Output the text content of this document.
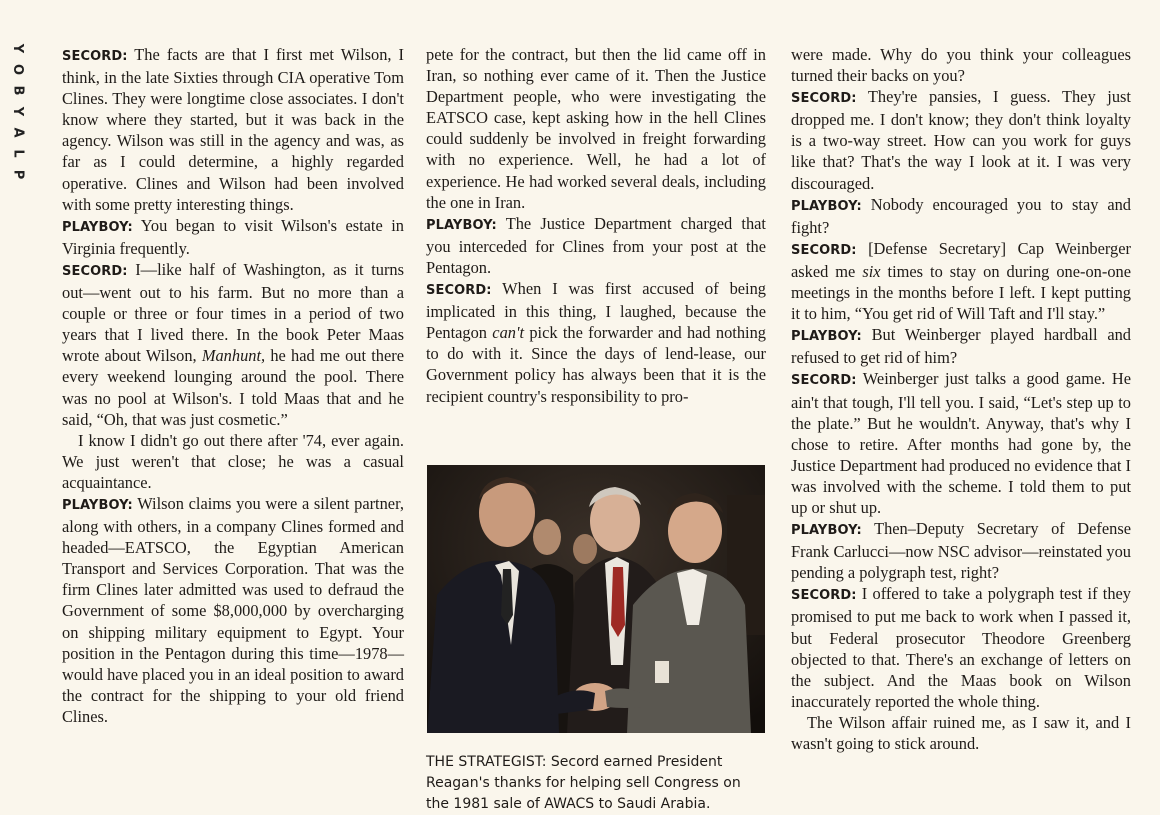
Y
O
B
Y
A
L
P

SECORD: The facts are that I first met Wilson, I think, in the late Sixties through CIA operative Tom Clines. They were longtime close associates. I don't know where they started, but it was back in the agency. Wilson was still in the agency and was, as far as I could determine, a highly regarded operative. Clines and Wilson had been involved with some pretty interesting things.

PLAYBOY: You began to visit Wilson's estate in Virginia frequently.

SECORD: I—like half of Washington, as it turns out—went out to his farm. But no more than a couple or three or four times in a period of two years that I lived there. In the book Peter Maas wrote about Wilson, Manhunt, he had me out there every weekend lounging around the pool. There was no pool at Wilson's. I told Maas that and he said, “Oh, that was just cosmetic.”

I know I didn't go out there after '74, ever again. We just weren't that close; he was a casual acquaintance.

PLAYBOY: Wilson claims you were a silent partner, along with others, in a company Clines formed and headed—EATSCO, the Egyptian American Transport and Services Corporation. That was the firm Clines later admitted was used to defraud the Government of some $8,000,000 by overcharging on shipping military equipment to Egypt. Your position in the Pentagon during this time—1978—would have placed you in an ideal position to award the contract for the shipping to your old friend Clines.

pete for the contract, but then the lid came off in Iran, so nothing ever came of it. Then the Justice Department people, who were investigating the EATSCO case, kept asking how in the hell Clines could suddenly be involved in freight forwarding with no experience. Well, he had a lot of experience. He had worked several deals, including the one in Iran.

PLAYBOY: The Justice Department charged that you interceded for Clines from your post at the Pentagon.

SECORD: When I was first accused of being implicated in this thing, I laughed, because the Pentagon can't pick the forwarder and had nothing to do with it. Since the days of lend-lease, our Government policy has always been that it is the recipient country's responsibility to pro-

THE STRATEGIST: Secord earned President Reagan's thanks for helping sell Congress on the 1981 sale of AWACS to Saudi Arabia.

were made. Why do you think your colleagues turned their backs on you?

SECORD: They're pansies, I guess. They just dropped me. I don't know; they don't think loyalty is a two-way street. How can you work for guys like that? That's the way I look at it. I was very discouraged.

PLAYBOY: Nobody encouraged you to stay and fight?

SECORD: [Defense Secretary] Cap Weinberger asked me six times to stay on during one-on-one meetings in the months before I left. I kept putting it to him, “You get rid of Will Taft and I'll stay.”

PLAYBOY: But Weinberger played hardball and refused to get rid of him?

SECORD: Weinberger just talks a good game. He ain't that tough, I'll tell you. I said, “Let's step up to the plate.” But he wouldn't. Anyway, that's why I chose to retire. After months had gone by, the Justice Department had produced no evidence that I was involved with the scheme. I told them to put up or shut up.

PLAYBOY: Then–Deputy Secretary of Defense Frank Carlucci—now NSC advisor—reinstated you pending a polygraph test, right?

SECORD: I offered to take a polygraph test if they promised to put me back to work when I passed it, but Federal prosecutor Theodore Greenberg objected to that. There's an exchange of letters on the subject. And the Maas book on Wilson inaccurately reported the whole thing.

The Wilson affair ruined me, as I saw it, and I wasn't going to stick around.
